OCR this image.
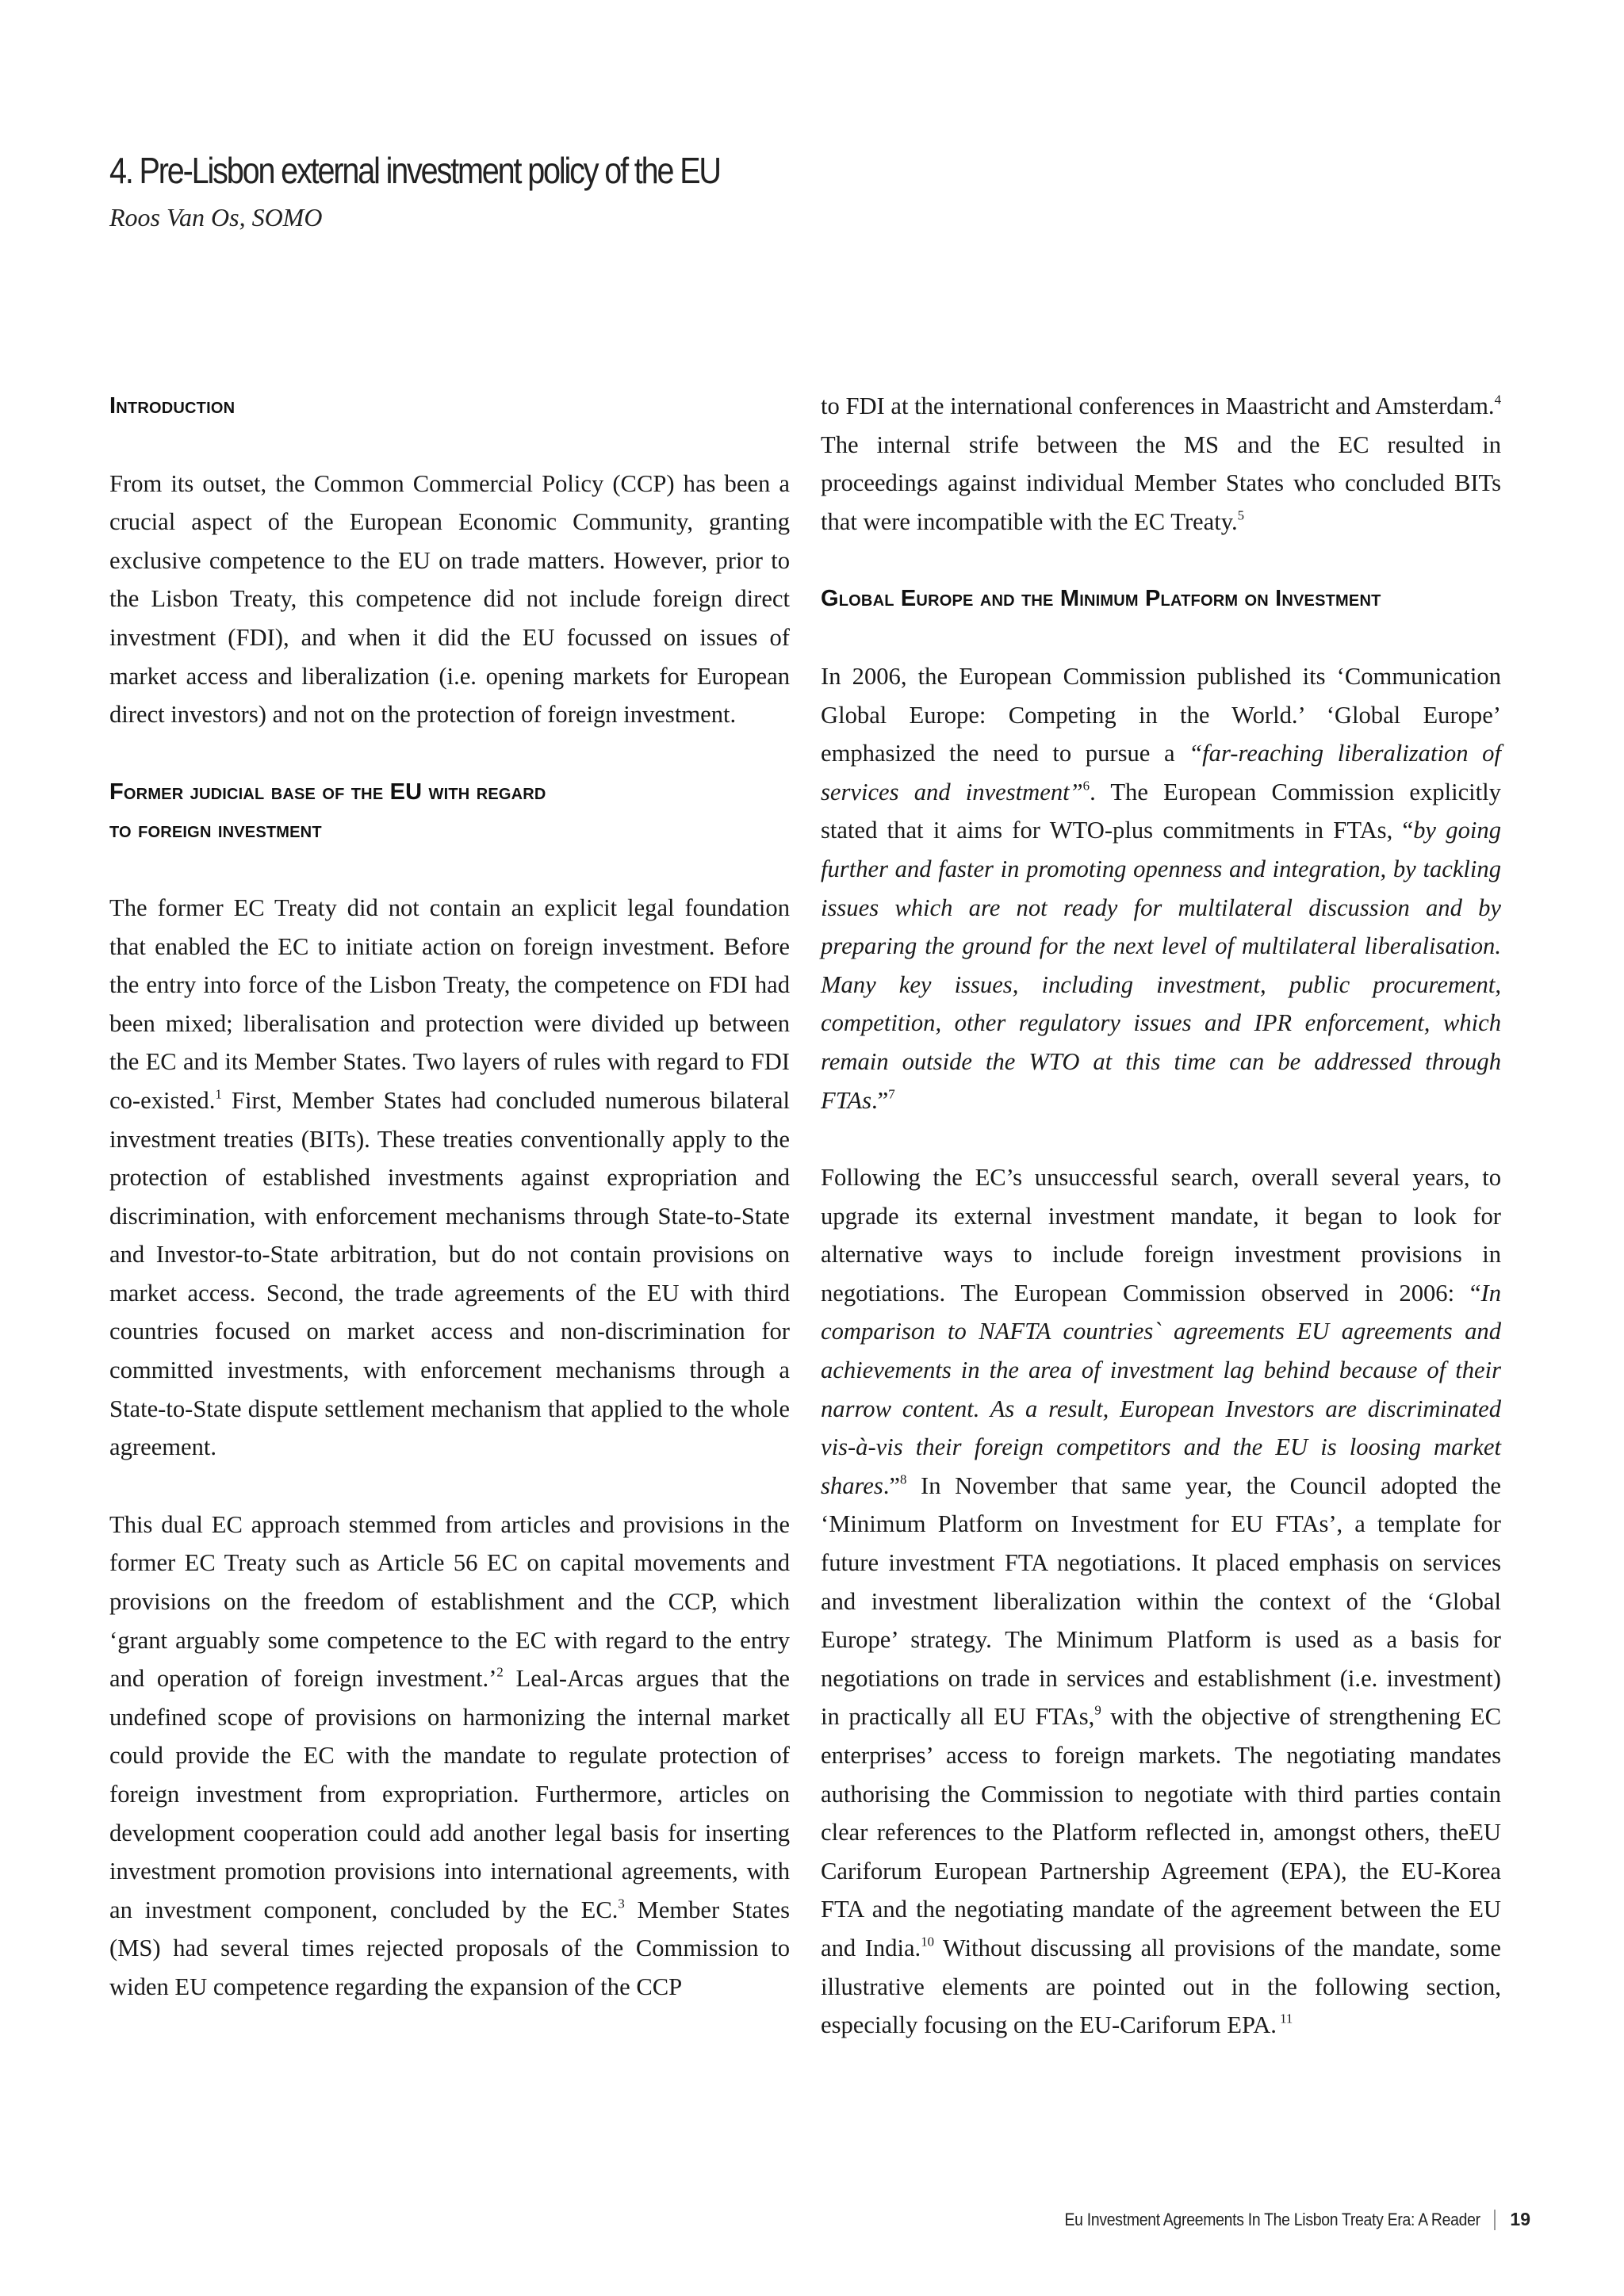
4. Pre-Lisbon external investment policy of the EU
Roos Van Os, SOMO
Introduction

From its outset, the Common Commercial Policy (CCP) has been a crucial aspect of the European Economic Community, granting exclusive competence to the EU on trade matters. However, prior to the Lisbon Treaty, this competence did not include foreign direct investment (FDI), and when it did the EU focussed on issues of market access and liberalization (i.e. opening markets for European direct investors) and not on the protection of foreign investment.

Former judicial base of the EU with regard
to foreign investment

The former EC Treaty did not contain an explicit legal foundation that enabled the EC to initiate action on foreign investment. Before the entry into force of the Lisbon Treaty, the competence on FDI had been mixed; liberalisation and protection were divided up between the EC and its Member States. Two layers of rules with regard to FDI co-existed.$^1$ First, Member States had concluded numerous bilateral investment treaties (BITs). These treaties conventionally apply to the protection of established investments against expropriation and discrimination, with enforcement mechanisms through State-to-State and Investor-to-State arbitration, but do not contain provisions on market access. Second, the trade agreements of the EU with third countries focused on market access and non-discrimination for committed investments, with enforcement mechanisms through a State-to-State dispute settlement mechanism that applied to the whole agreement.

This dual EC approach stemmed from articles and provisions in the former EC Treaty such as Article 56 EC on capital movements and provisions on the freedom of establishment and the CCP, which ‘grant arguably some competence to the EC with regard to the entry and operation of foreign investment.’$^2$ Leal-Arcas argues that the undefined scope of provisions on harmonizing the internal market could provide the EC with the mandate to regulate protection of foreign investment from expropriation. Furthermore, articles on development cooperation could add another legal basis for inserting investment promotion provisions into international agreements, with an investment component, concluded by the EC.$^3$ Member States (MS) had several times rejected proposals of the Commission to widen EU competence regarding the expansion of the CCP

to FDI at the international conferences in Maastricht and Amsterdam.$^4$ The internal strife between the MS and the EC resulted in proceedings against individual Member States who concluded BITs that were incompatible with the EC Treaty.$^5$

Global Europe and the Minimum Platform on Investment

In 2006, the European Commission published its ‘Communication Global Europe: Competing in the World.’ ‘Global Europe’ emphasized the need to pursue a “far-reaching liberalization of services and investment”$^6$. The European Commission explicitly stated that it aims for WTO-plus commitments in FTAs, “by going further and faster in promoting openness and integration, by tackling issues which are not ready for multilateral discussion and by preparing the ground for the next level of multilateral liberalisation. Many key issues, including investment, public procurement, competition, other regulatory issues and IPR enforcement, which remain outside the WTO at this time can be addressed through FTAs.”$^7$

Following the EC’s unsuccessful search, overall several years, to upgrade its external investment mandate, it began to look for alternative ways to include foreign investment provisions in negotiations. The European Commission observed in 2006: “In comparison to NAFTA countries` agreements EU agreements and achievements in the area of investment lag behind because of their narrow content. As a result, European Investors are discriminated vis-à-vis their foreign competitors and the EU is loosing market shares.”$^8$ In November that same year, the Council adopted the ‘Minimum Platform on Investment for EU FTAs’, a template for future investment FTA negotiations. It placed emphasis on services and investment liberalization within the context of the ‘Global Europe’ strategy. The Minimum Platform is used as a basis for negotiations on trade in services and establishment (i.e. investment) in practically all EU FTAs,$^9$ with the objective of strengthening EC enterprises’ access to foreign markets. The negotiating mandates authorising the Commission to negotiate with third parties contain clear references to the Platform reflected in, amongst others, theEU Cariforum European Partnership Agreement (EPA), the EU-Korea FTA and the negotiating mandate of the agreement between the EU and India.$^{10}$ Without discussing all provisions of the mandate, some illustrative elements are pointed out in the following section, especially focusing on the EU-Cariforum EPA. $^{11}$

Eu Investment Agreements In The Lisbon Treaty Era: A Reader 19
